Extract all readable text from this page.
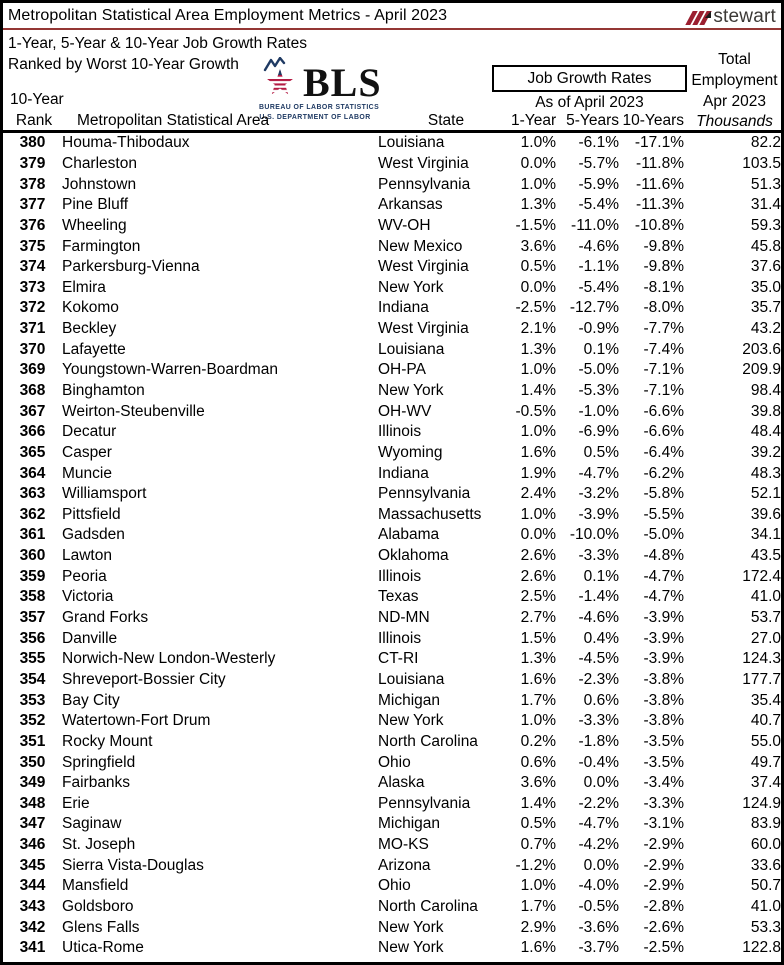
Metropolitan Statistical Area Employment Metrics - April 2023	stewart
1-Year, 5-Year & 10-Year Job Growth Rates
Ranked by Worst 10-Year Growth BLS
BUREAU OF LABOR STATISTICS
U.S. DEPARTMENT OF LABOR
Job Growth Rates
As of April 2023
Total
Employment
Apr 2023
Thousands
10-Year
Rank	Metropolitan Statistical Area	State	1-Year 5-Years 10-Years
380	Houma-Thibodaux	Louisiana	1.0%	-6.1%	-17.1%	82.2
379	Charleston	West Virginia	0.0%	-5.7%	-11.8%	103.5
378	Johnstown	Pennsylvania	1.0%	-5.9%	-11.6%	51.3
377	Pine Bluff	Arkansas	1.3%	-5.4%	-11.3%	31.4
376	Wheeling	WV-OH	-1.5%	-11.0%	-10.8%	59.3
375	Farmington	New Mexico	3.6%	-4.6%	-9.8%	45.8
374	Parkersburg-Vienna	West Virginia	0.5%	-1.1%	-9.8%	37.6
373	Elmira	New York	0.0%	-5.4%	-8.1%	35.0
372	Kokomo	Indiana	-2.5%	-12.7%	-8.0%	35.7
371	Beckley	West Virginia	2.1%	-0.9%	-7.7%	43.2
370	Lafayette	Louisiana	1.3%	0.1%	-7.4%	203.6
369	Youngstown-Warren-Boardman	OH-PA	1.0%	-5.0%	-7.1%	209.9
368	Binghamton	New York	1.4%	-5.3%	-7.1%	98.4
367	Weirton-Steubenville	OH-WV	-0.5%	-1.0%	-6.6%	39.8
366	Decatur	Illinois	1.0%	-6.9%	-6.6%	48.4
365	Casper	Wyoming	1.6%	0.5%	-6.4%	39.2
364	Muncie	Indiana	1.9%	-4.7%	-6.2%	48.3
363	Williamsport	Pennsylvania	2.4%	-3.2%	-5.8%	52.1
362	Pittsfield	Massachusetts	1.0%	-3.9%	-5.5%	39.6
361	Gadsden	Alabama	0.0%	-10.0%	-5.0%	34.1
360	Lawton	Oklahoma	2.6%	-3.3%	-4.8%	43.5
359	Peoria	Illinois	2.6%	0.1%	-4.7%	172.4
358	Victoria	Texas	2.5%	-1.4%	-4.7%	41.0
357	Grand Forks	ND-MN	2.7%	-4.6%	-3.9%	53.7
356	Danville	Illinois	1.5%	0.4%	-3.9%	27.0
355	Norwich-New London-Westerly	CT-RI	1.3%	-4.5%	-3.9%	124.3
354	Shreveport-Bossier City	Louisiana	1.6%	-2.3%	-3.8%	177.7
353	Bay City	Michigan	1.7%	0.6%	-3.8%	35.4
352	Watertown-Fort Drum	New York	1.0%	-3.3%	-3.8%	40.7
351	Rocky Mount	North Carolina	0.2%	-1.8%	-3.5%	55.0
350	Springfield	Ohio	0.6%	-0.4%	-3.5%	49.7
349	Fairbanks	Alaska	3.6%	0.0%	-3.4%	37.4
348	Erie	Pennsylvania	1.4%	-2.2%	-3.3%	124.9
347	Saginaw	Michigan	0.5%	-4.7%	-3.1%	83.9
346	St. Joseph	MO-KS	0.7%	-4.2%	-2.9%	60.0
345	Sierra Vista-Douglas	Arizona	-1.2%	0.0%	-2.9%	33.6
344	Mansfield	Ohio	1.0%	-4.0%	-2.9%	50.7
343	Goldsboro	North Carolina	1.7%	-0.5%	-2.8%	41.0
342	Glens Falls	New York	2.9%	-3.6%	-2.6%	53.3
341	Utica-Rome	New York	1.6%	-3.7%	-2.5%	122.8
